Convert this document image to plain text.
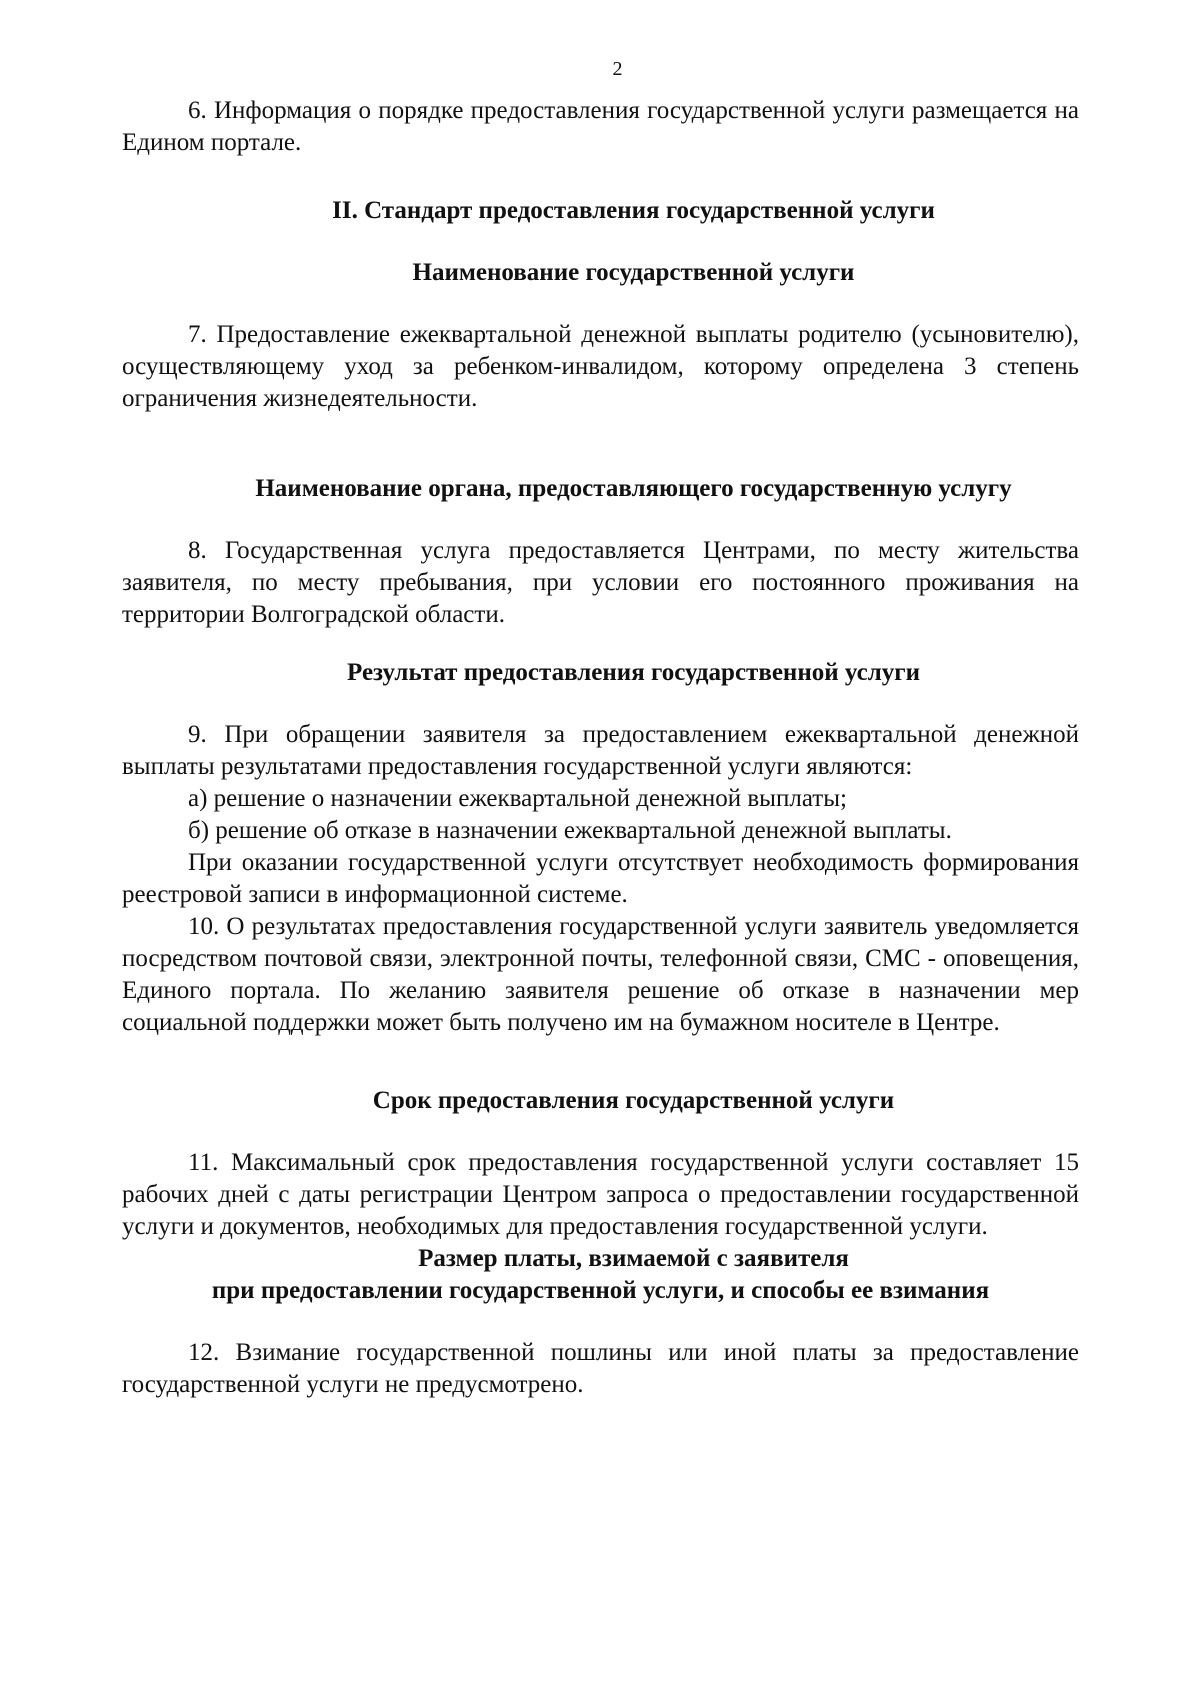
2

6. Информация о порядке предоставления государственной услуги размещается на Едином портале.

II. Стандарт предоставления государственной услуги
Наименование государственной услуги

7. Предоставление ежеквартальной денежной выплаты родителю (усыновителю), осуществляющему уход за ребенком-инвалидом, которому определена 3 степень ограничения жизнедеятельности.

Наименование органа, предоставляющего государственную услугу

8. Государственная услуга предоставляется Центрами, по месту жительства заявителя, по месту пребывания, при условии его постоянного проживания на территории Волгоградской области.

Результат предоставления государственной услуги

9. При обращении заявителя за предоставлением ежеквартальной денежной выплаты результатами предоставления государственной услуги являются:

а) решение о назначении ежеквартальной денежной выплаты;

б) решение об отказе в назначении ежеквартальной денежной выплаты.

При оказании государственной услуги отсутствует необходимость формирования реестровой записи в информационной системе.

10. О результатах предоставления государственной услуги заявитель уведомляется посредством почтовой связи, электронной почты, телефонной связи, СМС - оповещения, Единого портала. По желанию заявителя решение об отказе в назначении мер социальной поддержки может быть получено им на бумажном носителе в Центре.

Срок предоставления государственной услуги

11. Максимальный срок предоставления государственной услуги составляет 15 рабочих дней с даты регистрации Центром запроса о предоставлении государственной услуги и документов, необходимых для предоставления государственной услуги.

Размер платы, взимаемой с заявителя
при предоставлении государственной услуги, и способы ее взимания

12. Взимание государственной пошлины или иной платы за предоставление государственной услуги не предусмотрено.
